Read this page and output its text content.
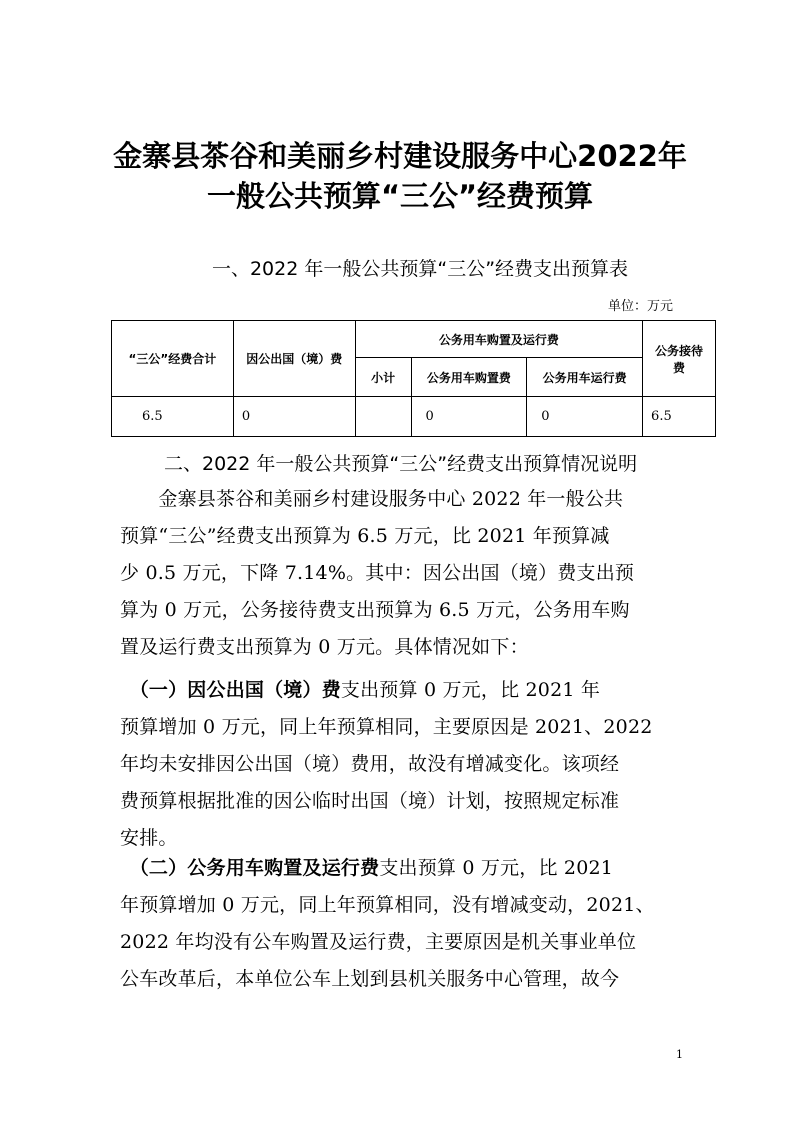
金寨县茶谷和美丽乡村建设服务中心2022年
一般公共预算“三公”经费预算
一、2022 年一般公共预算“三公”经费支出预算表
单位：万元
“三公”经费合计	因公出国（境）费	公务用车购置及运行费			公务接待费
		小计	公务用车购置费	公务用车运行费	
6.5	0		0	0	6.5
二、2022 年一般公共预算“三公”经费支出预算情况说明
　　金寨县茶谷和美丽乡村建设服务中心 2022 年一般公共
预算“三公”经费支出预算为 6.5 万元，比 2021 年预算减
少 0.5 万元，下降 7.14%。其中：因公出国（境）费支出预
算为 0 万元，公务接待费支出预算为 6.5 万元，公务用车购
置及运行费支出预算为 0 万元。具体情况如下：
　（一）因公出国（境）费支出预算 0 万元，比 2021 年
预算增加 0 万元，同上年预算相同，主要原因是 2021、2022
年均未安排因公出国（境）费用，故没有增减变化。该项经
费预算根据批准的因公临时出国（境）计划，按照规定标准
安排。
　（二）公务用车购置及运行费支出预算 0 万元，比 2021
年预算增加 0 万元，同上年预算相同，没有增减变动，2021、
2022 年均没有公车购置及运行费，主要原因是机关事业单位
公车改革后，本单位公车上划到县机关服务中心管理，故今
1
